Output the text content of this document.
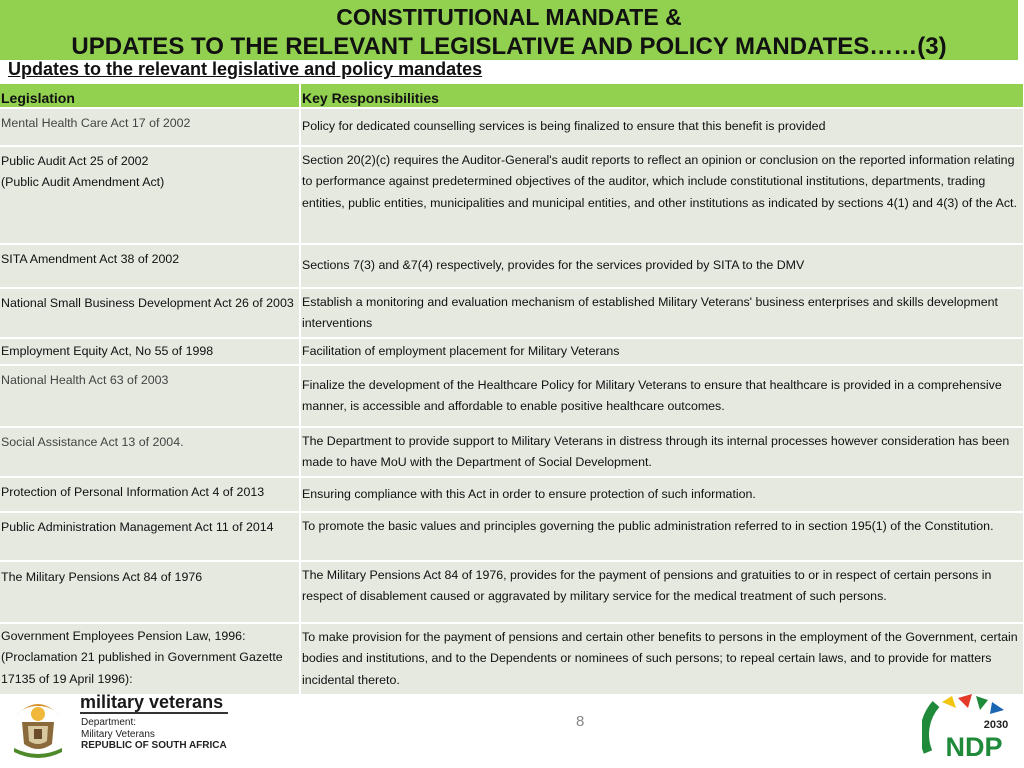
CONSTITUTIONAL MANDATE &
UPDATES TO THE RELEVANT LEGISLATIVE AND POLICY MANDATES……(3)
Updates to the relevant legislative and policy mandates
Legislation	Key Responsibilities

Mental Health Care Act 17 of 2002	Policy for dedicated counselling services is being finalized to ensure that this benefit is provided

Public Audit Act 25 of 2002
(Public Audit Amendment Act)	Section 20(2)(c) requires the Auditor-General's audit reports to reflect an opinion or conclusion on the reported information relating to performance against predetermined objectives of the auditor, which include constitutional institutions, departments, trading entities, public entities, municipalities and municipal entities, and other institutions as indicated by sections 4(1) and 4(3) of the Act.

SITA Amendment Act 38 of 2002	Sections 7(3) and &7(4) respectively, provides for the services provided by SITA to the DMV

National Small Business Development Act 26 of 2003	Establish a monitoring and evaluation mechanism of established Military Veterans' business enterprises and skills development interventions

Employment Equity Act, No 55 of 1998	Facilitation of employment placement for Military Veterans

National Health Act 63 of 2003	Finalize the development of the Healthcare Policy for Military Veterans to ensure that healthcare is provided in a comprehensive manner, is accessible and affordable to enable positive healthcare outcomes.

Social Assistance Act 13 of 2004.	The Department to provide support to Military Veterans in distress through its internal processes however consideration has been made to have MoU with the Department of Social Development.

Protection of Personal Information Act 4 of 2013	Ensuring compliance with this Act in order to ensure protection of such information.

Public Administration Management Act 11 of 2014	To promote the basic values and principles governing the public administration referred to in section 195(1) of the Constitution.

The Military Pensions Act 84 of 1976	The Military Pensions Act 84 of 1976, provides for the payment of pensions and gratuities to or in respect of certain persons in respect of disablement caused or aggravated by military service for the medical treatment of such persons.

Government Employees Pension Law, 1996:
(Proclamation 21 published in Government Gazette 17135 of 19 April 1996):	To make provision for the payment of pensions and certain other benefits to persons in the employment of the Government, certain bodies and institutions, and to the Dependents or nominees of such persons; to repeal certain laws, and to provide for matters incidental thereto.
military veterans
Department:
Military Veterans
REPUBLIC OF SOUTH AFRICA
8	2030
NDP
